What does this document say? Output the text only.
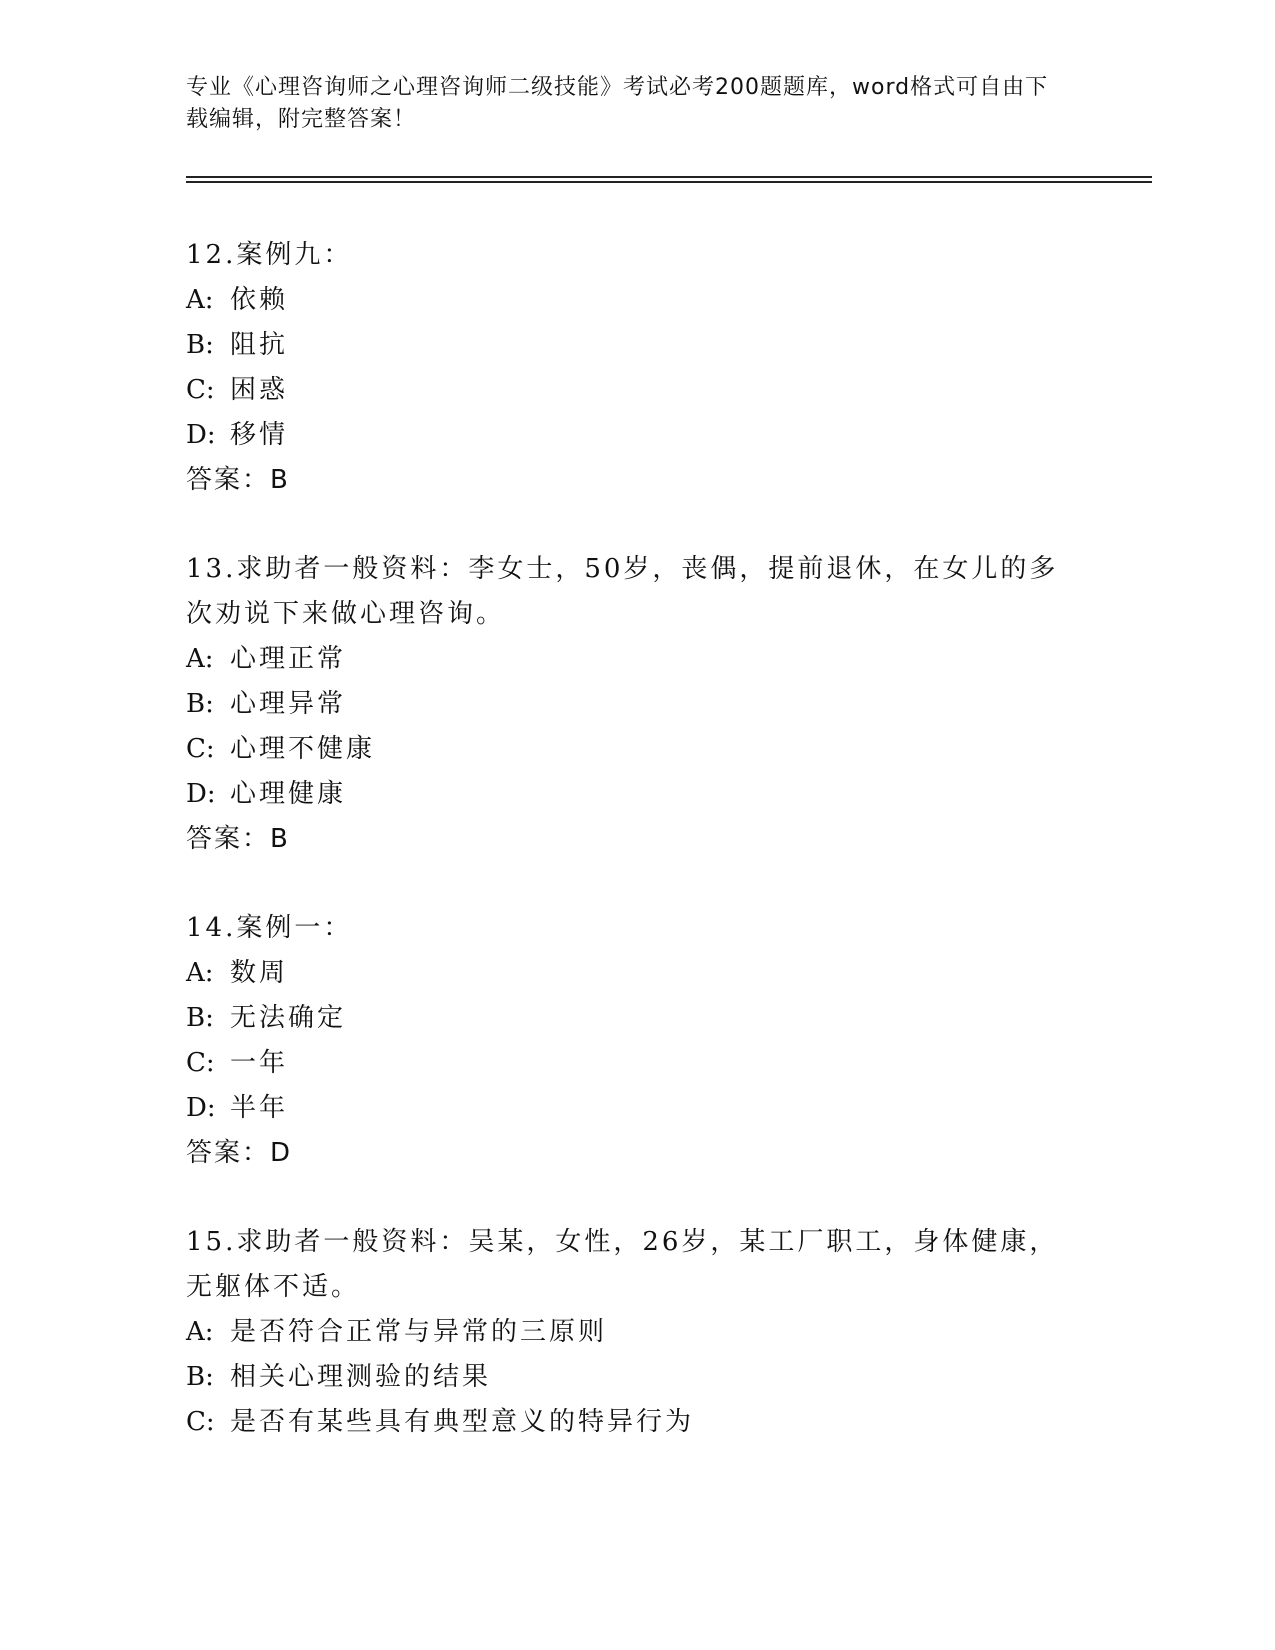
专业《心理咨询师之心理咨询师二级技能》考试必考200题题库，word格式可自由下载编辑，附完整答案！
12.案例九：
A: 依赖
B: 阻抗
C: 困惑
D: 移情
答案：B
13.求助者一般资料：李女士，50岁，丧偶，提前退休，在女儿的多次劝说下来做心理咨询。
A: 心理正常
B: 心理异常
C: 心理不健康
D: 心理健康
答案：B
14.案例一：
A: 数周
B: 无法确定
C: 一年
D: 半年
答案：D
15.求助者一般资料：吴某，女性，26岁，某工厂职工，身体健康，无躯体不适。
A: 是否符合正常与异常的三原则
B: 相关心理测验的结果
C: 是否有某些具有典型意义的特异行为
